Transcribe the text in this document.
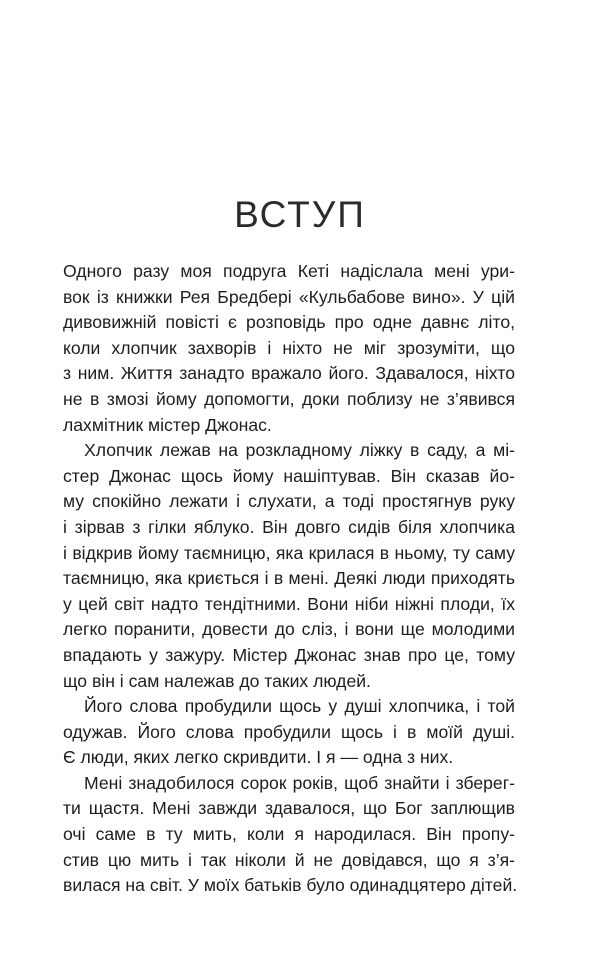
ВСТУП
Одного разу моя подруга Кеті надіслала мені ури-
вок із книжки Рея Бредбері «Кульбабове вино». У цій
дивовижній повісті є розповідь про одне давнє літо,
коли хлопчик захворів і ніхто не міг зрозуміти, що
з ним. Життя занадто вражало його. Здавалося, ніхто
не в змозі йому допомогти, доки поблизу не з’явився
лахмітник містер Джонас.
Хлопчик лежав на розкладному ліжку в саду, а мі-
стер Джонас щось йому нашіптував. Він сказав йо-
му спокійно лежати і слухати, а тоді простягнув руку
і зірвав з гілки яблуко. Він довго сидів біля хлопчика
і відкрив йому таємницю, яка крилася в ньому, ту саму
таємницю, яка криється і в мені. Деякі люди приходять
у цей світ надто тендітними. Вони ніби ніжні плоди, їх
легко поранити, довести до сліз, і вони ще молодими
впадають у зажуру. Містер Джонас знав про це, тому
що він і сам належав до таких людей.
Його слова пробудили щось у душі хлопчика, і той
одужав. Його слова пробудили щось і в моїй душі.
Є люди, яких легко скривдити. І я — одна з них.
Мені знадобилося сорок років, щоб знайти і зберег-
ти щастя. Мені завжди здавалося, що Бог заплющив
очі саме в ту мить, коли я народилася. Він пропу-
стив цю мить і так ніколи й не довідався, що я з’я-
вилася на світ. У моїх батьків було одинадцятеро дітей.
